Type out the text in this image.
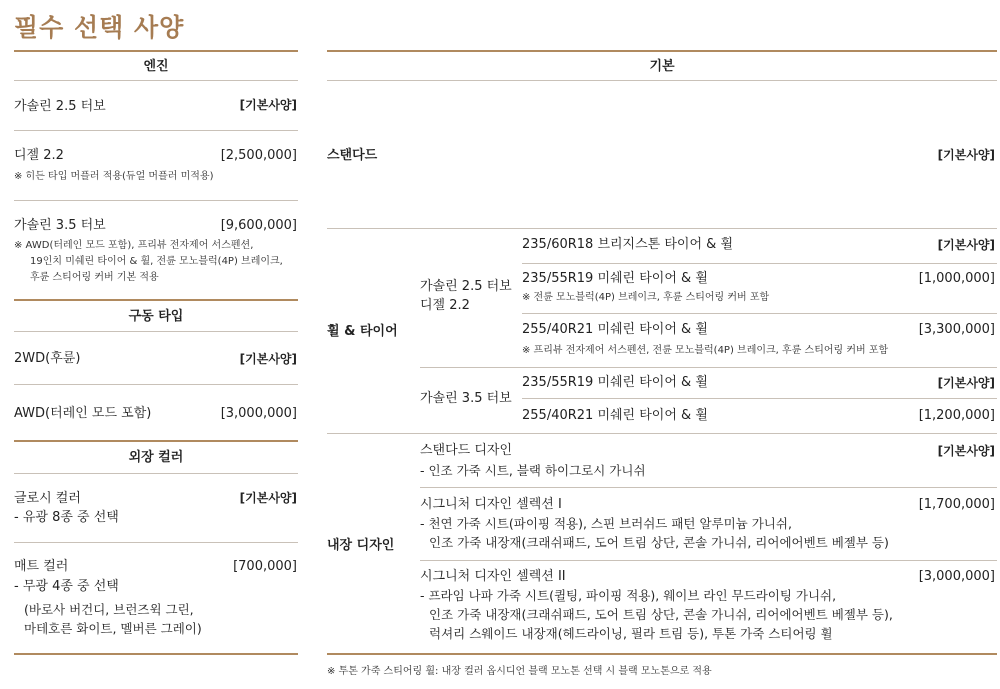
필수 선택 사양
엔진
가솔린 2.5 터보	[기본사양]
디젤 2.2	[2,500,000]
※ 히든 타입 머플러 적용(듀얼 머플러 미적용)
가솔린 3.5 터보	[9,600,000]
※ AWD(터레인 모드 포함), 프리뷰 전자제어 서스펜션,
19인치 미쉐린 타이어 & 휠, 전륜 모노블럭(4P) 브레이크,
후륜 스티어링 커버 기본 적용
구동 타입
2WD(후륜)	[기본사양]
AWD(터레인 모드 포함)	[3,000,000]
외장 컬러
글로시 컬러	[기본사양]
- 유광 8종 중 선택
매트 컬러	[700,000]
- 무광 4종 중 선택
(바로사 버건디, 브런즈윅 그린,
마테호른 화이트, 멜버른 그레이)
기본
스탠다드	[기본사양]
휠 & 타이어
가솔린 2.5 터보
디젤 2.2
235/60R18 브리지스톤 타이어 & 휠	[기본사양]
235/55R19 미쉐린 타이어 & 휠	[1,000,000]
※ 전륜 모노블럭(4P) 브레이크, 후륜 스티어링 커버 포함
255/40R21 미쉐린 타이어 & 휠	[3,300,000]
※ 프리뷰 전자제어 서스펜션, 전륜 모노블럭(4P) 브레이크, 후륜 스티어링 커버 포함
가솔린 3.5 터보
235/55R19 미쉐린 타이어 & 휠	[기본사양]
255/40R21 미쉐린 타이어 & 휠	[1,200,000]
내장 디자인
스탠다드 디자인	[기본사양]
- 인조 가죽 시트, 블랙 하이그로시 가니쉬
시그니처 디자인 셀렉션 I	[1,700,000]
- 천연 가죽 시트(파이핑 적용), 스핀 브러쉬드 패턴 알루미늄 가니쉬,
인조 가죽 내장재(크래쉬패드, 도어 트림 상단, 콘솔 가니쉬, 리어에어벤트 베젤부 등)
시그니처 디자인 셀렉션 II	[3,000,000]
- 프라임 나파 가죽 시트(퀼팅, 파이핑 적용), 웨이브 라인 무드라이팅 가니쉬,
인조 가죽 내장재(크래쉬패드, 도어 트림 상단, 콘솔 가니쉬, 리어에어벤트 베젤부 등),
럭셔리 스웨이드 내장재(헤드라이닝, 필라 트림 등), 투톤 가죽 스티어링 휠
※ 투톤 가죽 스티어링 휠: 내장 컬러 옵시디언 블랙 모노톤 선택 시 블랙 모노톤으로 적용
